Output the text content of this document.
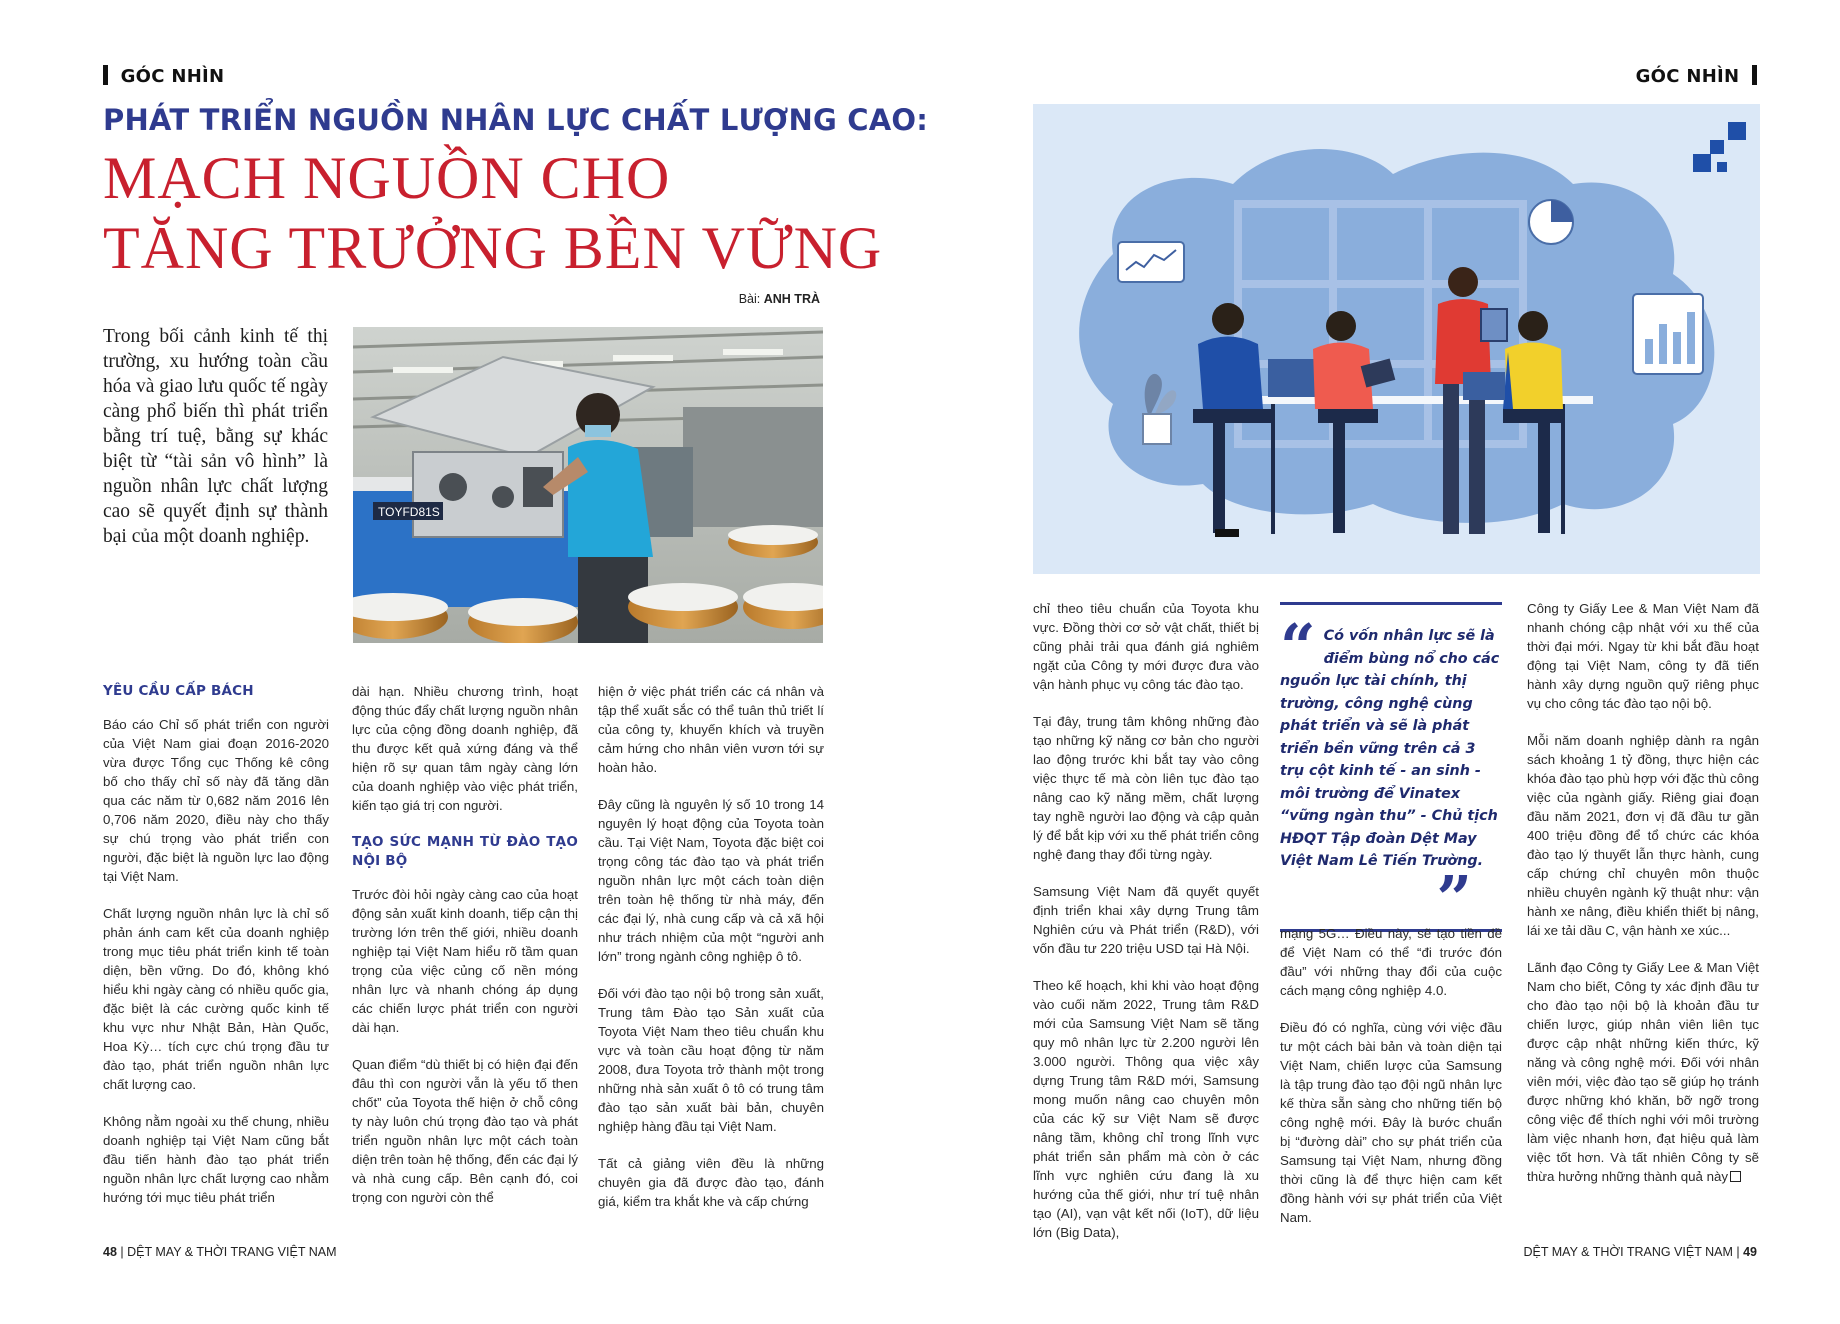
GÓC NHÌN
PHÁT TRIỂN NGUỒN NHÂN LỰC CHẤT LƯỢNG CAO:
MẠCH NGUỒN CHO
TĂNG TRƯỞNG BỀN VỮNG
Bài: ANH TRÀ
Trong bối cảnh kinh tế thị trường, xu hướng toàn cầu hóa và giao lưu quốc tế ngày càng phổ biến thì phát triển bằng trí tuệ, bằng sự khác biệt từ “tài sản vô hình” là nguồn nhân lực chất lượng cao sẽ quyết định sự thành bại của một doanh nghiệp.
TOYFD81S
YÊU CẦU CẤP BÁCH

Báo cáo Chỉ số phát triển con người của Việt Nam giai đoạn 2016-2020 vừa được Tổng cục Thống kê công bố cho thấy chỉ số này đã tăng dần qua các năm từ 0,682 năm 2016 lên 0,706 năm 2020, điều này cho thấy sự chú trọng vào phát triển con người, đặc biệt là nguồn lực lao động tại Việt Nam.

Chất lượng nguồn nhân lực là chỉ số phản ánh cam kết của doanh nghiệp trong mục tiêu phát triển kinh tế toàn diện, bền vững. Do đó, không khó hiểu khi ngày càng có nhiều quốc gia, đặc biệt là các cường quốc kinh tế khu vực như Nhật Bản, Hàn Quốc, Hoa Kỳ… tích cực chú trọng đầu tư đào tạo, phát triển nguồn nhân lực chất lượng cao.

Không nằm ngoài xu thế chung, nhiều doanh nghiệp tại Việt Nam cũng bắt đầu tiến hành đào tạo phát triển nguồn nhân lực chất lượng cao nhằm hướng tới mục tiêu phát triển

dài hạn. Nhiều chương trình, hoạt động thúc đẩy chất lượng nguồn nhân lực của cộng đồng doanh nghiệp, đã thu được kết quả xứng đáng và thể hiện rõ sự quan tâm ngày càng lớn của doanh nghiệp vào việc phát triển, kiến tạo giá trị con người.

TẠO SỨC MẠNH TỪ ĐÀO TẠO NỘI BỘ

Trước đòi hỏi ngày càng cao của hoạt động sản xuất kinh doanh, tiếp cận thị trường lớn trên thế giới, nhiều doanh nghiệp tại Việt Nam hiểu rõ tầm quan trọng của việc củng cố nền móng nhân lực và nhanh chóng áp dụng các chiến lược phát triển con người dài hạn.

Quan điểm “dù thiết bị có hiện đại đến đâu thì con người vẫn là yếu tố then chốt” của Toyota thế hiện ở chỗ công ty này luôn chú trọng đào tạo và phát triển nguồn nhân lực một cách toàn diện trên toàn hệ thống, đến các đại lý và nhà cung cấp. Bên cạnh đó, coi trọng con người còn thể

hiện ở việc phát triển các cá nhân và tập thể xuất sắc có thể tuân thủ triết lí của công ty, khuyến khích và truyền cảm hứng cho nhân viên vươn tới sự hoàn hảo.

Đây cũng là nguyên lý số 10 trong 14 nguyên lý hoạt động của Toyota toàn cầu. Tại Việt Nam, Toyota đặc biệt coi trọng công tác đào tạo và phát triển nguồn nhân lực một cách toàn diện trên toàn hệ thống từ nhà máy, đến các đại lý, nhà cung cấp và cả xã hội như trách nhiệm của một “người anh lớn” trong ngành công nghiệp ô tô.

Đối với đào tạo nội bộ trong sản xuất, Trung tâm Đào tạo Sản xuất của Toyota Việt Nam theo tiêu chuẩn khu vực và toàn cầu hoạt động từ năm 2008, đưa Toyota trở thành một trong những nhà sản xuất ô tô có trung tâm đào tạo sản xuất bài bản, chuyên nghiệp hàng đầu tại Việt Nam.

Tất cả giảng viên đều là những chuyên gia đã được đào tạo, đánh giá, kiểm tra khắt khe và cấp chứng

48 | DỆT MAY & THỜI TRANG VIỆT NAM
GÓC NHÌN

chỉ theo tiêu chuẩn của Toyota khu vực. Đồng thời cơ sở vật chất, thiết bị cũng phải trải qua đánh giá nghiêm ngặt của Công ty mới được đưa vào vận hành phục vụ công tác đào tạo.

Tại đây, trung tâm không những đào tạo những kỹ năng cơ bản cho người lao động trước khi bắt tay vào công việc thực tế mà còn liên tục đào tạo nâng cao kỹ năng mềm, chất lượng tay nghề người lao động và cập quản lý để bắt kịp với xu thế phát triển công nghệ đang thay đổi từng ngày.

Samsung Việt Nam đã quyết quyết định triển khai xây dựng Trung tâm Nghiên cứu và Phát triển (R&D), với vốn đầu tư 220 triệu USD tại Hà Nội.

Theo kế hoạch, khi khi vào hoạt động vào cuối năm 2022, Trung tâm R&D mới của Samsung Việt Nam sẽ tăng quy mô nhân lực từ 2.200 người lên 3.000 người. Thông qua việc xây dựng Trung tâm R&D mới, Samsung mong muốn nâng cao chuyên môn của các kỹ sư Việt Nam sẽ được nâng tầm, không chỉ trong lĩnh vực phát triển sản phẩm mà còn ở các lĩnh vực nghiên cứu đang là xu hướng của thế giới, như trí tuệ nhân tạo (AI), vạn vật kết nối (IoT), dữ liệu lớn (Big Data),

“ Có vốn nhân lực sẽ là điểm bùng nổ cho các nguồn lực tài chính, thị trường, công nghệ cùng phát triển và sẽ là phát triển bền vững trên cả 3 trụ cột kinh tế - an sinh - môi trường để Vinatex “vững ngàn thu” - Chủ tịch HĐQT Tập đoàn Dệt May Việt Nam Lê Tiến Trường.
”

mạng 5G… Điều này, sẽ tạo tiền đề để Việt Nam có thể “đi trước đón đầu” với những thay đổi của cuộc cách mạng công nghiệp 4.0.

Điều đó có nghĩa, cùng với việc đầu tư một cách bài bản và toàn diện tại Việt Nam, chiến lược của Samsung là tập trung đào tạo đội ngũ nhân lực kế thừa sẵn sàng cho những tiến bộ công nghệ mới. Đây là bước chuẩn bị “đường dài” cho sự phát triển của Samsung tại Việt Nam, nhưng đồng thời cũng là để thực hiện cam kết đồng hành với sự phát triển của Việt Nam.

Công ty Giấy Lee & Man Việt Nam đã nhanh chóng cập nhật với xu thế của thời đại mới. Ngay từ khi bắt đầu hoạt động tại Việt Nam, công ty đã tiến hành xây dựng nguồn quỹ riêng phục vụ cho công tác đào tạo nội bộ.

Mỗi năm doanh nghiệp dành ra ngân sách khoảng 1 tỷ đồng, thực hiện các khóa đào tạo phù hợp với đặc thù công việc của ngành giấy. Riêng giai đoạn đầu năm 2021, đơn vị đã đầu tư gần 400 triệu đồng để tổ chức các khóa đào tạo lý thuyết lẫn thực hành, cung cấp chứng chỉ chuyên môn thuộc nhiều chuyên ngành kỹ thuật như: vận hành xe nâng, điều khiển thiết bị nâng, lái xe tải dầu C, vận hành xe xúc...

Lãnh đạo Công ty Giấy Lee & Man Việt Nam cho biết, Công ty xác định đầu tư cho đào tạo nội bộ là khoản đầu tư chiến lược, giúp nhân viên liên tục được cập nhật những kiến thức, kỹ năng và công nghệ mới. Đối với nhân viên mới, việc đào tạo sẽ giúp họ tránh được những khó khăn, bỡ ngỡ trong công việc để thích nghi với môi trường làm việc nhanh hơn, đạt hiệu quả làm việc tốt hơn. Và tất nhiên Công ty sẽ thừa hưởng những thành quả này

DỆT MAY & THỜI TRANG VIỆT NAM | 49
